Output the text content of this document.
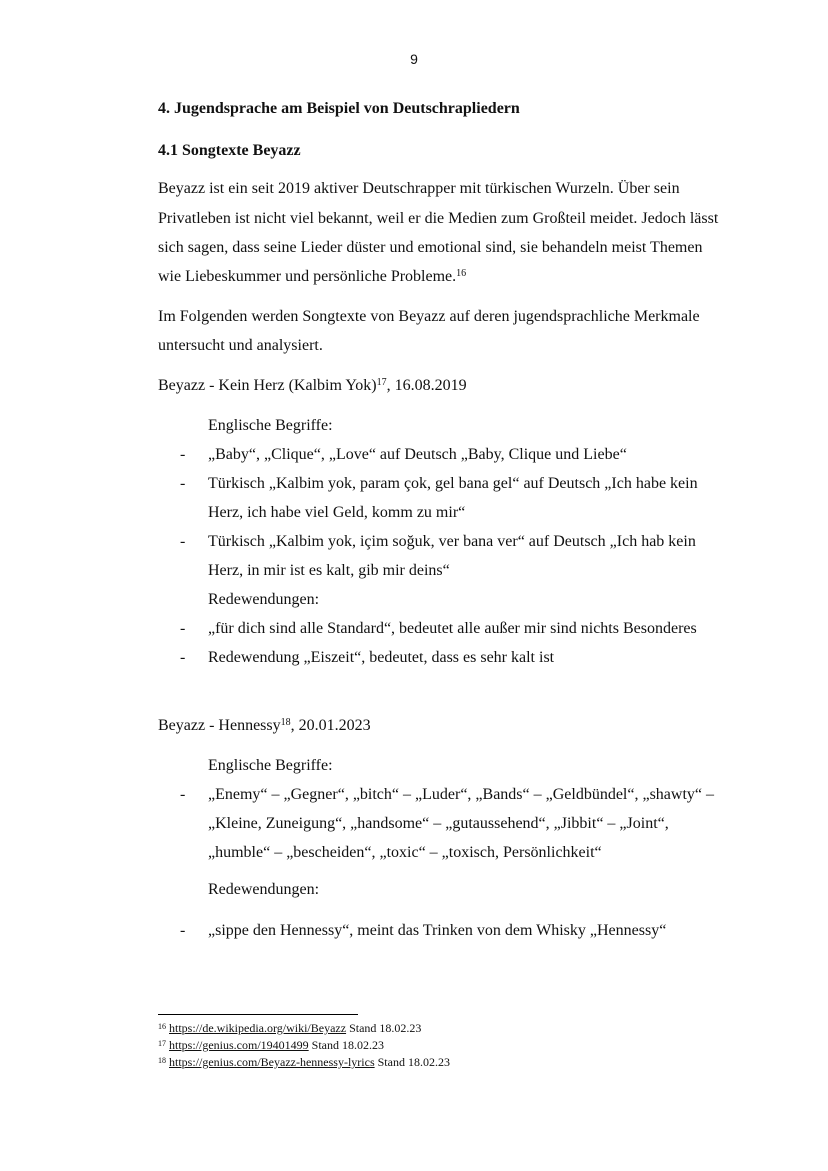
9
4. Jugendsprache am Beispiel von Deutschrapliedern
4.1 Songtexte Beyazz
Beyazz ist ein seit 2019 aktiver Deutschrapper mit türkischen Wurzeln. Über sein
Privatleben ist nicht viel bekannt, weil er die Medien zum Großteil meidet. Jedoch lässt
sich sagen, dass seine Lieder düster und emotional sind, sie behandeln meist Themen
wie Liebeskummer und persönliche Probleme.$^{16}$
Im Folgenden werden Songtexte von Beyazz auf deren jugendsprachliche Merkmale
untersucht und analysiert.
Beyazz - Kein Herz (Kalbim Yok)$^{17}$, 16.08.2019
Englische Begriffe:
- „Baby“, „Clique“, „Love“ auf Deutsch „Baby, Clique und Liebe“
- Türkisch „Kalbim yok, param çok, gel bana gel“ auf Deutsch „Ich habe kein
Herz, ich habe viel Geld, komm zu mir“
- Türkisch „Kalbim yok, içim soğuk, ver bana ver“ auf Deutsch „Ich hab kein
Herz, in mir ist es kalt, gib mir deins“
Redewendungen:
- „für dich sind alle Standard“, bedeutet alle außer mir sind nichts Besonderes
- Redewendung „Eiszeit“, bedeutet, dass es sehr kalt ist
Beyazz - Hennessy$^{18}$, 20.01.2023
Englische Begriffe:
- „Enemy“ – „Gegner“, „bitch“ – „Luder“, „Bands“ – „Geldbündel“, „shawty“ –
„Kleine, Zuneigung“, „handsome“ – „gutaussehend“, „Jibbit“ – „Joint“,
„humble“ – „bescheiden“, „toxic“ – „toxisch, Persönlichkeit“
Redewendungen:
- „sippe den Hennessy“, meint das Trinken von dem Whisky „Hennessy“
$^{16}$ https://de.wikipedia.org/wiki/Beyazz Stand 18.02.23
$^{17}$ https://genius.com/19401499 Stand 18.02.23
$^{18}$ https://genius.com/Beyazz-hennessy-lyrics Stand 18.02.23
